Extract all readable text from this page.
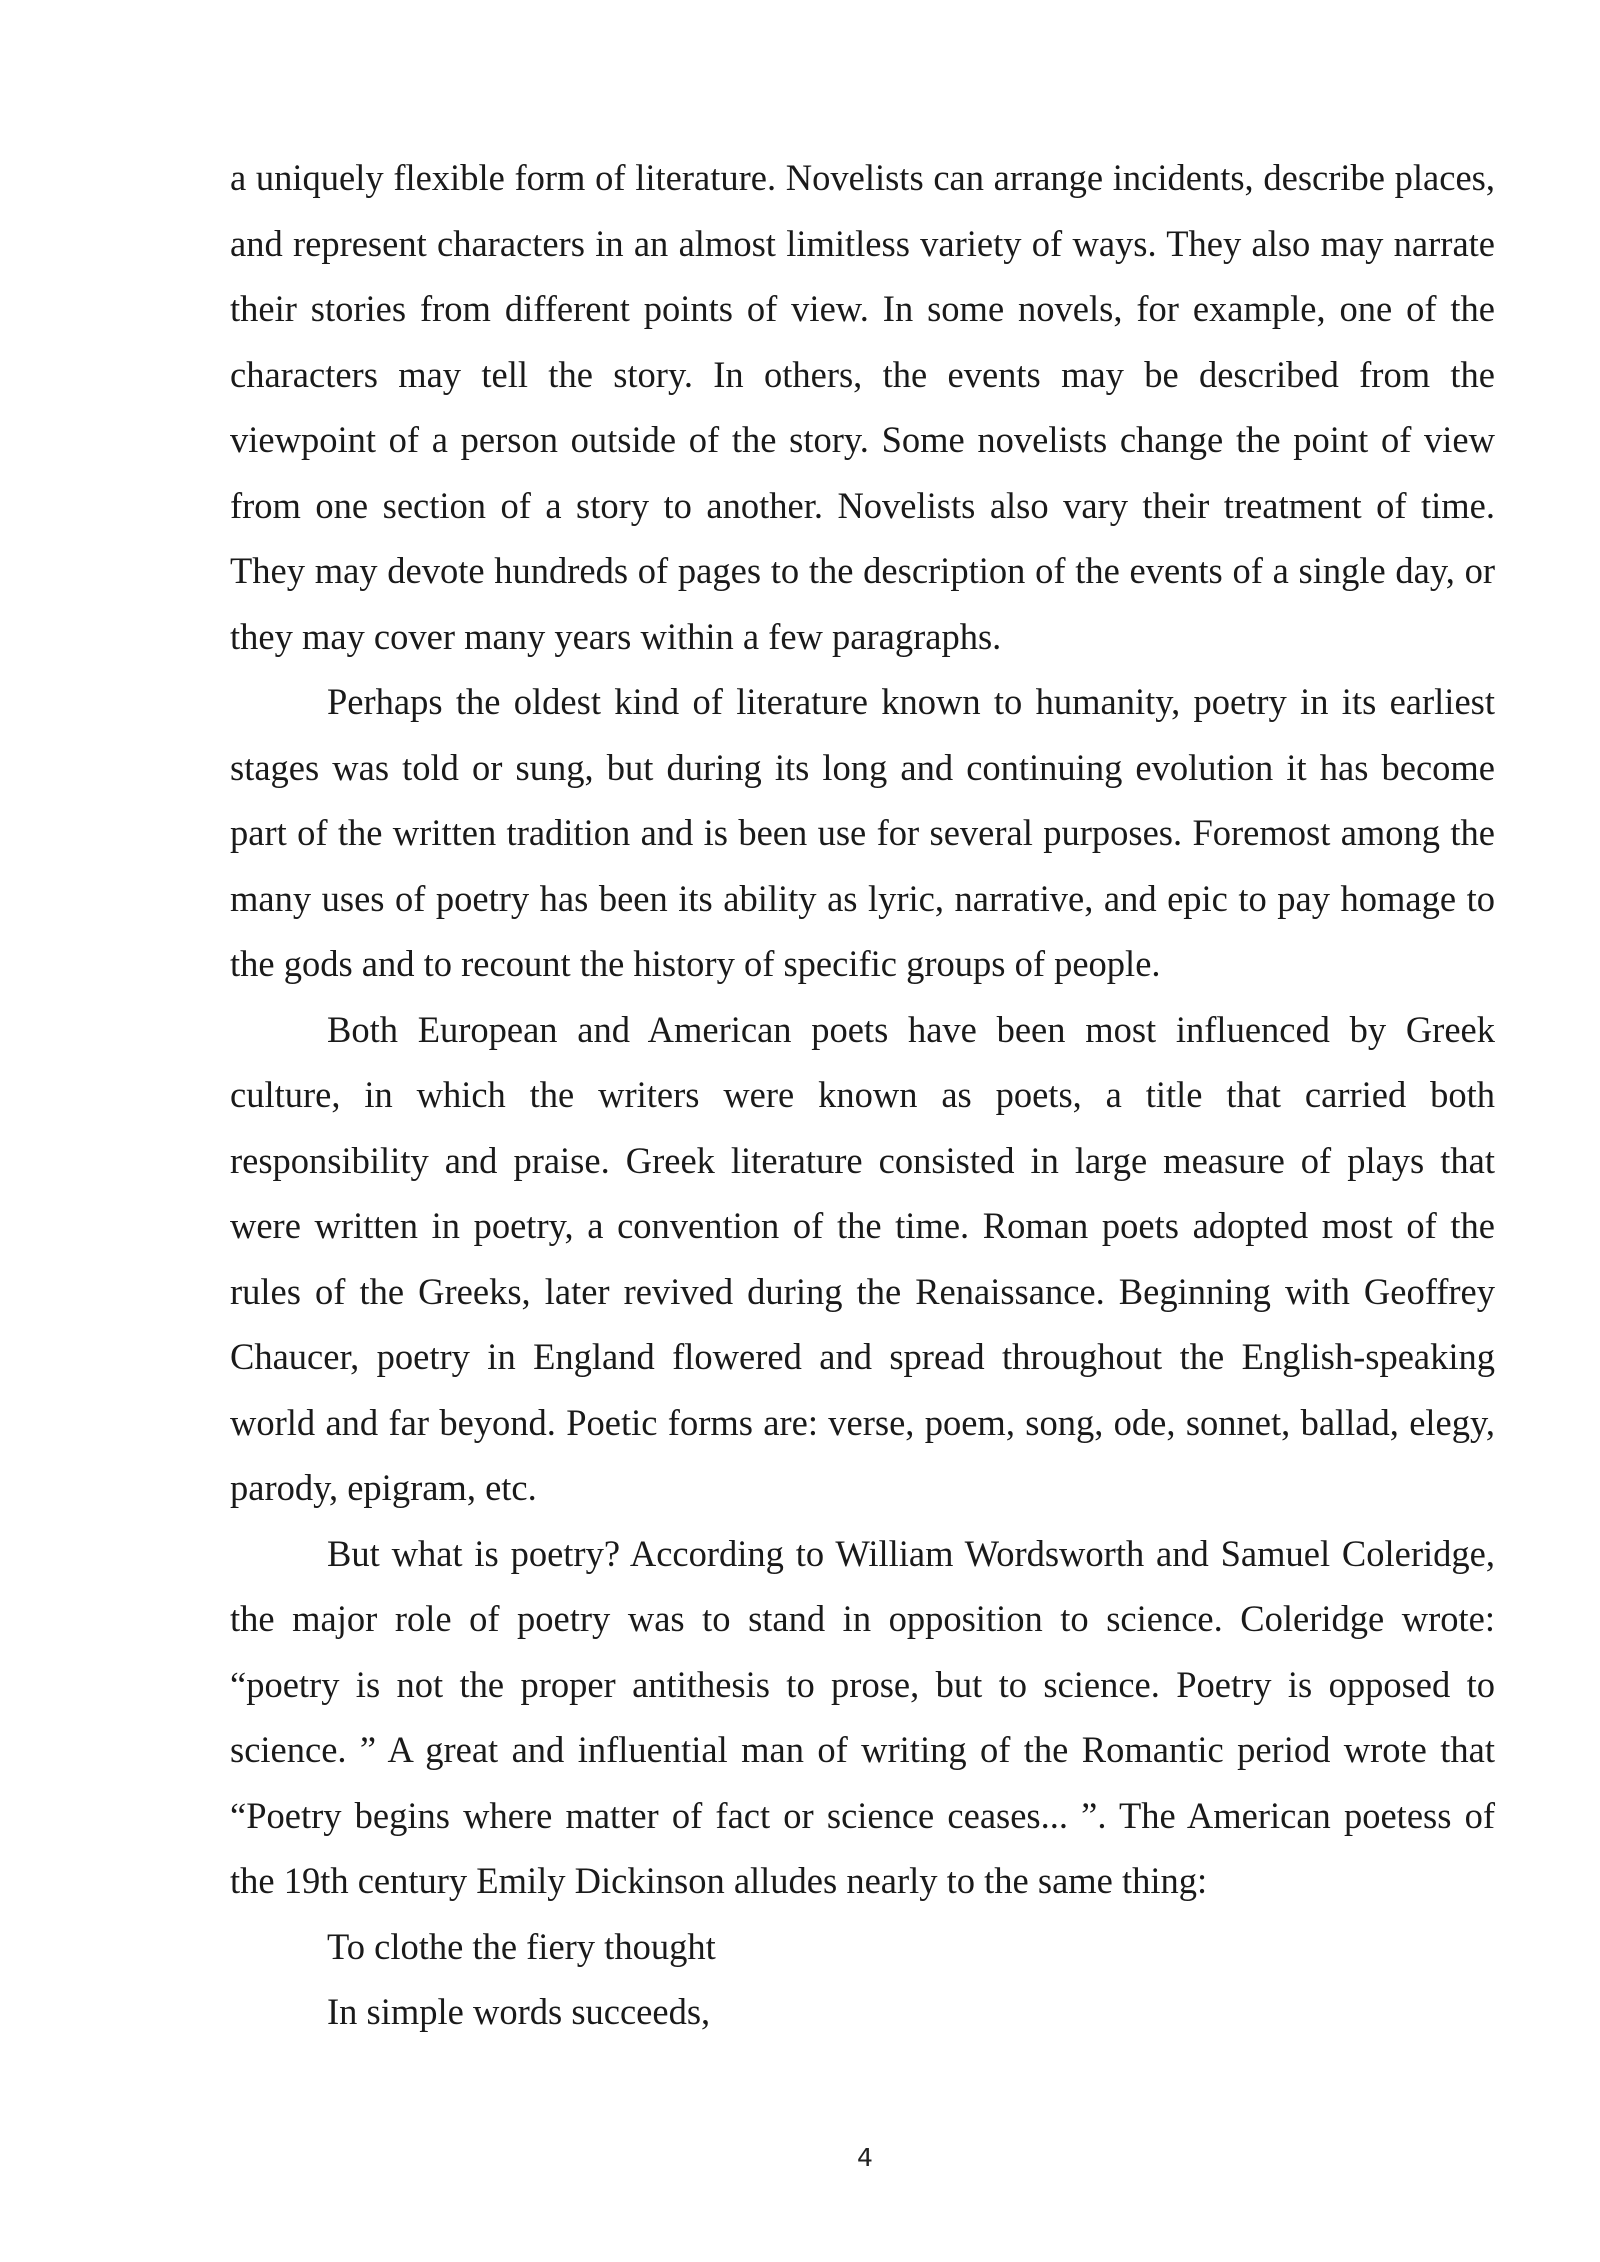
a uniquely flexible form of literature. Novelists can arrange incidents, describe places, and represent characters in an almost limitless variety of ways. They also may narrate their stories from different points of view. In some novels, for example, one of the characters may tell the story. In others, the events may be described from the viewpoint of a person outside of the story. Some novelists change the point of view from one section of a story to another. Novelists also vary their treatment of time. They may devote hundreds of pages to the description of the events of a single day, or they may cover many years within a few paragraphs.

Perhaps the oldest kind of literature known to humanity, poetry in its earliest stages was told or sung, but during its long and continuing evolution it has become part of the written tradition and is been use for several purposes. Foremost among the many uses of poetry has been its ability as lyric, narrative, and epic to pay homage to the gods and to recount the history of specific groups of people.

Both European and American poets have been most influenced by Greek culture, in which the writers were known as poets, a title that carried both responsibility and praise. Greek literature consisted in large measure of plays that were written in poetry, a convention of the time. Roman poets adopted most of the rules of the Greeks, later revived during the Renaissance. Beginning with Geoffrey Chaucer, poetry in England flowered and spread throughout the English-speaking world and far beyond. Poetic forms are: verse, poem, song, ode, sonnet, ballad, elegy, parody, epigram, etc.

But what is poetry? According to William Wordsworth and Samuel Coleridge, the major role of poetry was to stand in opposition to science. Coleridge wrote: “poetry is not the proper antithesis to prose, but to science. Poetry is opposed to science. ” A great and influential man of writing of the Romantic period wrote that “Poetry begins where matter of fact or science ceases... ”. The American poetess of the 19th century Emily Dickinson alludes nearly to the same thing:

To clothe the fiery thought

In simple words succeeds,

4
